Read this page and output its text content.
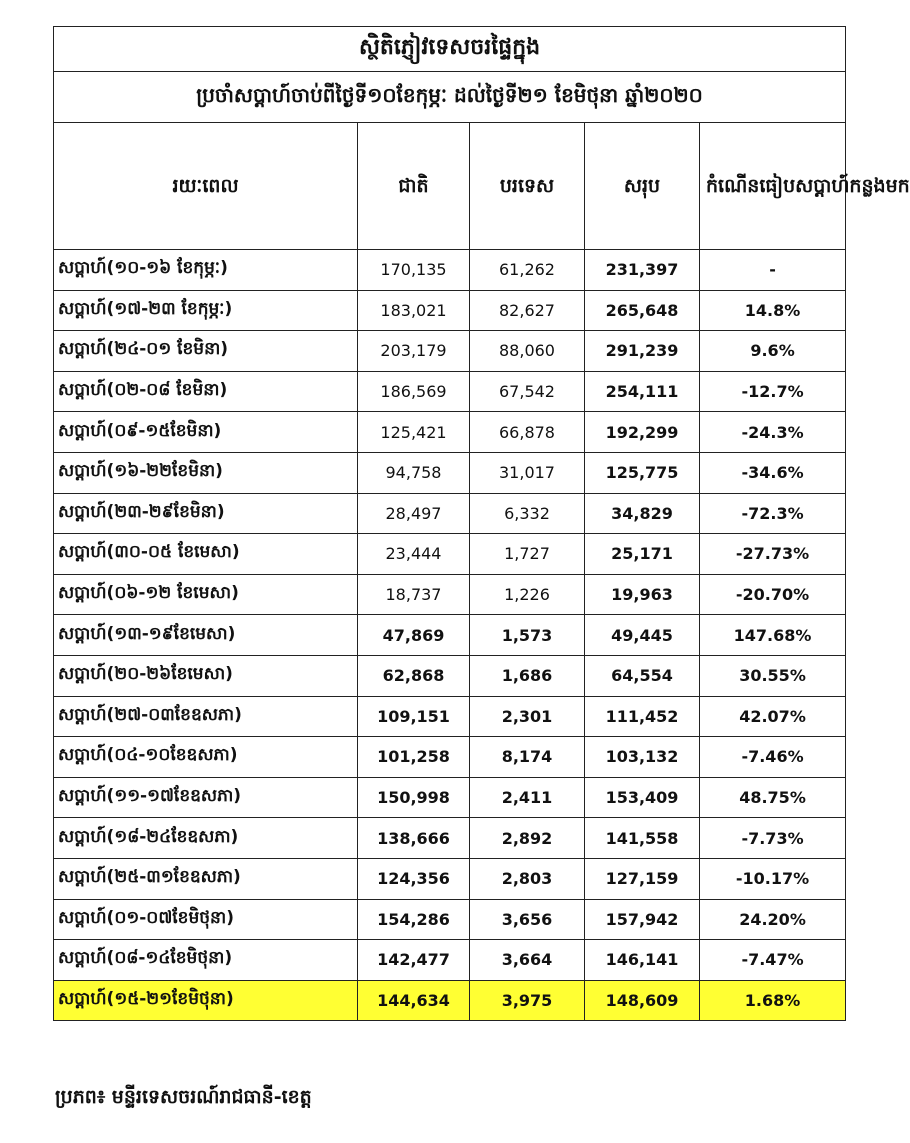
ស្ថិតិភ្ញៀវទេសចរផ្ទៃក្នុង				
ប្រចាំសប្តាហ៍ចាប់ពីថ្ងៃទី១០ខែកុម្ភៈ ដល់ថ្ងៃទី២១ ខែមិថុនា ឆ្នាំ២០២០				
រយៈពេល	ជាតិ	បរទេស	សរុប	កំណើនធៀបសប្តាហ៍កន្លងមក
សប្តាហ៍(១០-១៦ ខែកុម្ភៈ)	170,135	61,262	231,397	-
សប្តាហ៍(១៧-២៣ ខែកុម្ភៈ)	183,021	82,627	265,648	14.8%
សប្តាហ៍(២៤-០១ ខែមិនា)	203,179	88,060	291,239	9.6%
សប្តាហ៍(០២-០៨ ខែមិនា)	186,569	67,542	254,111	-12.7%
សប្តាហ៍(០៩-១៥ខែមិនា)	125,421	66,878	192,299	-24.3%
សប្តាហ៍(១៦-២២ខែមិនា)	94,758	31,017	125,775	-34.6%
សប្តាហ៍(២៣-២៩ខែមិនា)	28,497	6,332	34,829	-72.3%
សប្តាហ៍(៣០-០៥ ខែមេសា)	23,444	1,727	25,171	-27.73%
សប្តាហ៍(០៦-១២ ខែមេសា)	18,737	1,226	19,963	-20.70%
សប្តាហ៍(១៣-១៩ខែមេសា)	47,869	1,573	49,445	147.68%
សប្តាហ៍(២០-២៦ខែមេសា)	62,868	1,686	64,554	30.55%
សប្តាហ៍(២៧-០៣ខែឧសភា)	109,151	2,301	111,452	42.07%
សប្តាហ៍(០៤-១០ខែឧសភា)	101,258	8,174	103,132	-7.46%
សប្តាហ៍(១១-១៧ខែឧសភា)	150,998	2,411	153,409	48.75%
សប្តាហ៍(១៨-២៤ខែឧសភា)	138,666	2,892	141,558	-7.73%
សប្តាហ៍(២៥-៣១ខែឧសភា)	124,356	2,803	127,159	-10.17%
សប្តាហ៍(០១-០៧ខែមិថុនា)	154,286	3,656	157,942	24.20%
សប្តាហ៍(០៨-១៤ខែមិថុនា)	142,477	3,664	146,141	-7.47%
សប្តាហ៍(១៥-២១ខែមិថុនា)	144,634	3,975	148,609	1.68%
ប្រភព៖ មន្ទីរទេសចរណ៍រាជធានី-ខេត្ត
